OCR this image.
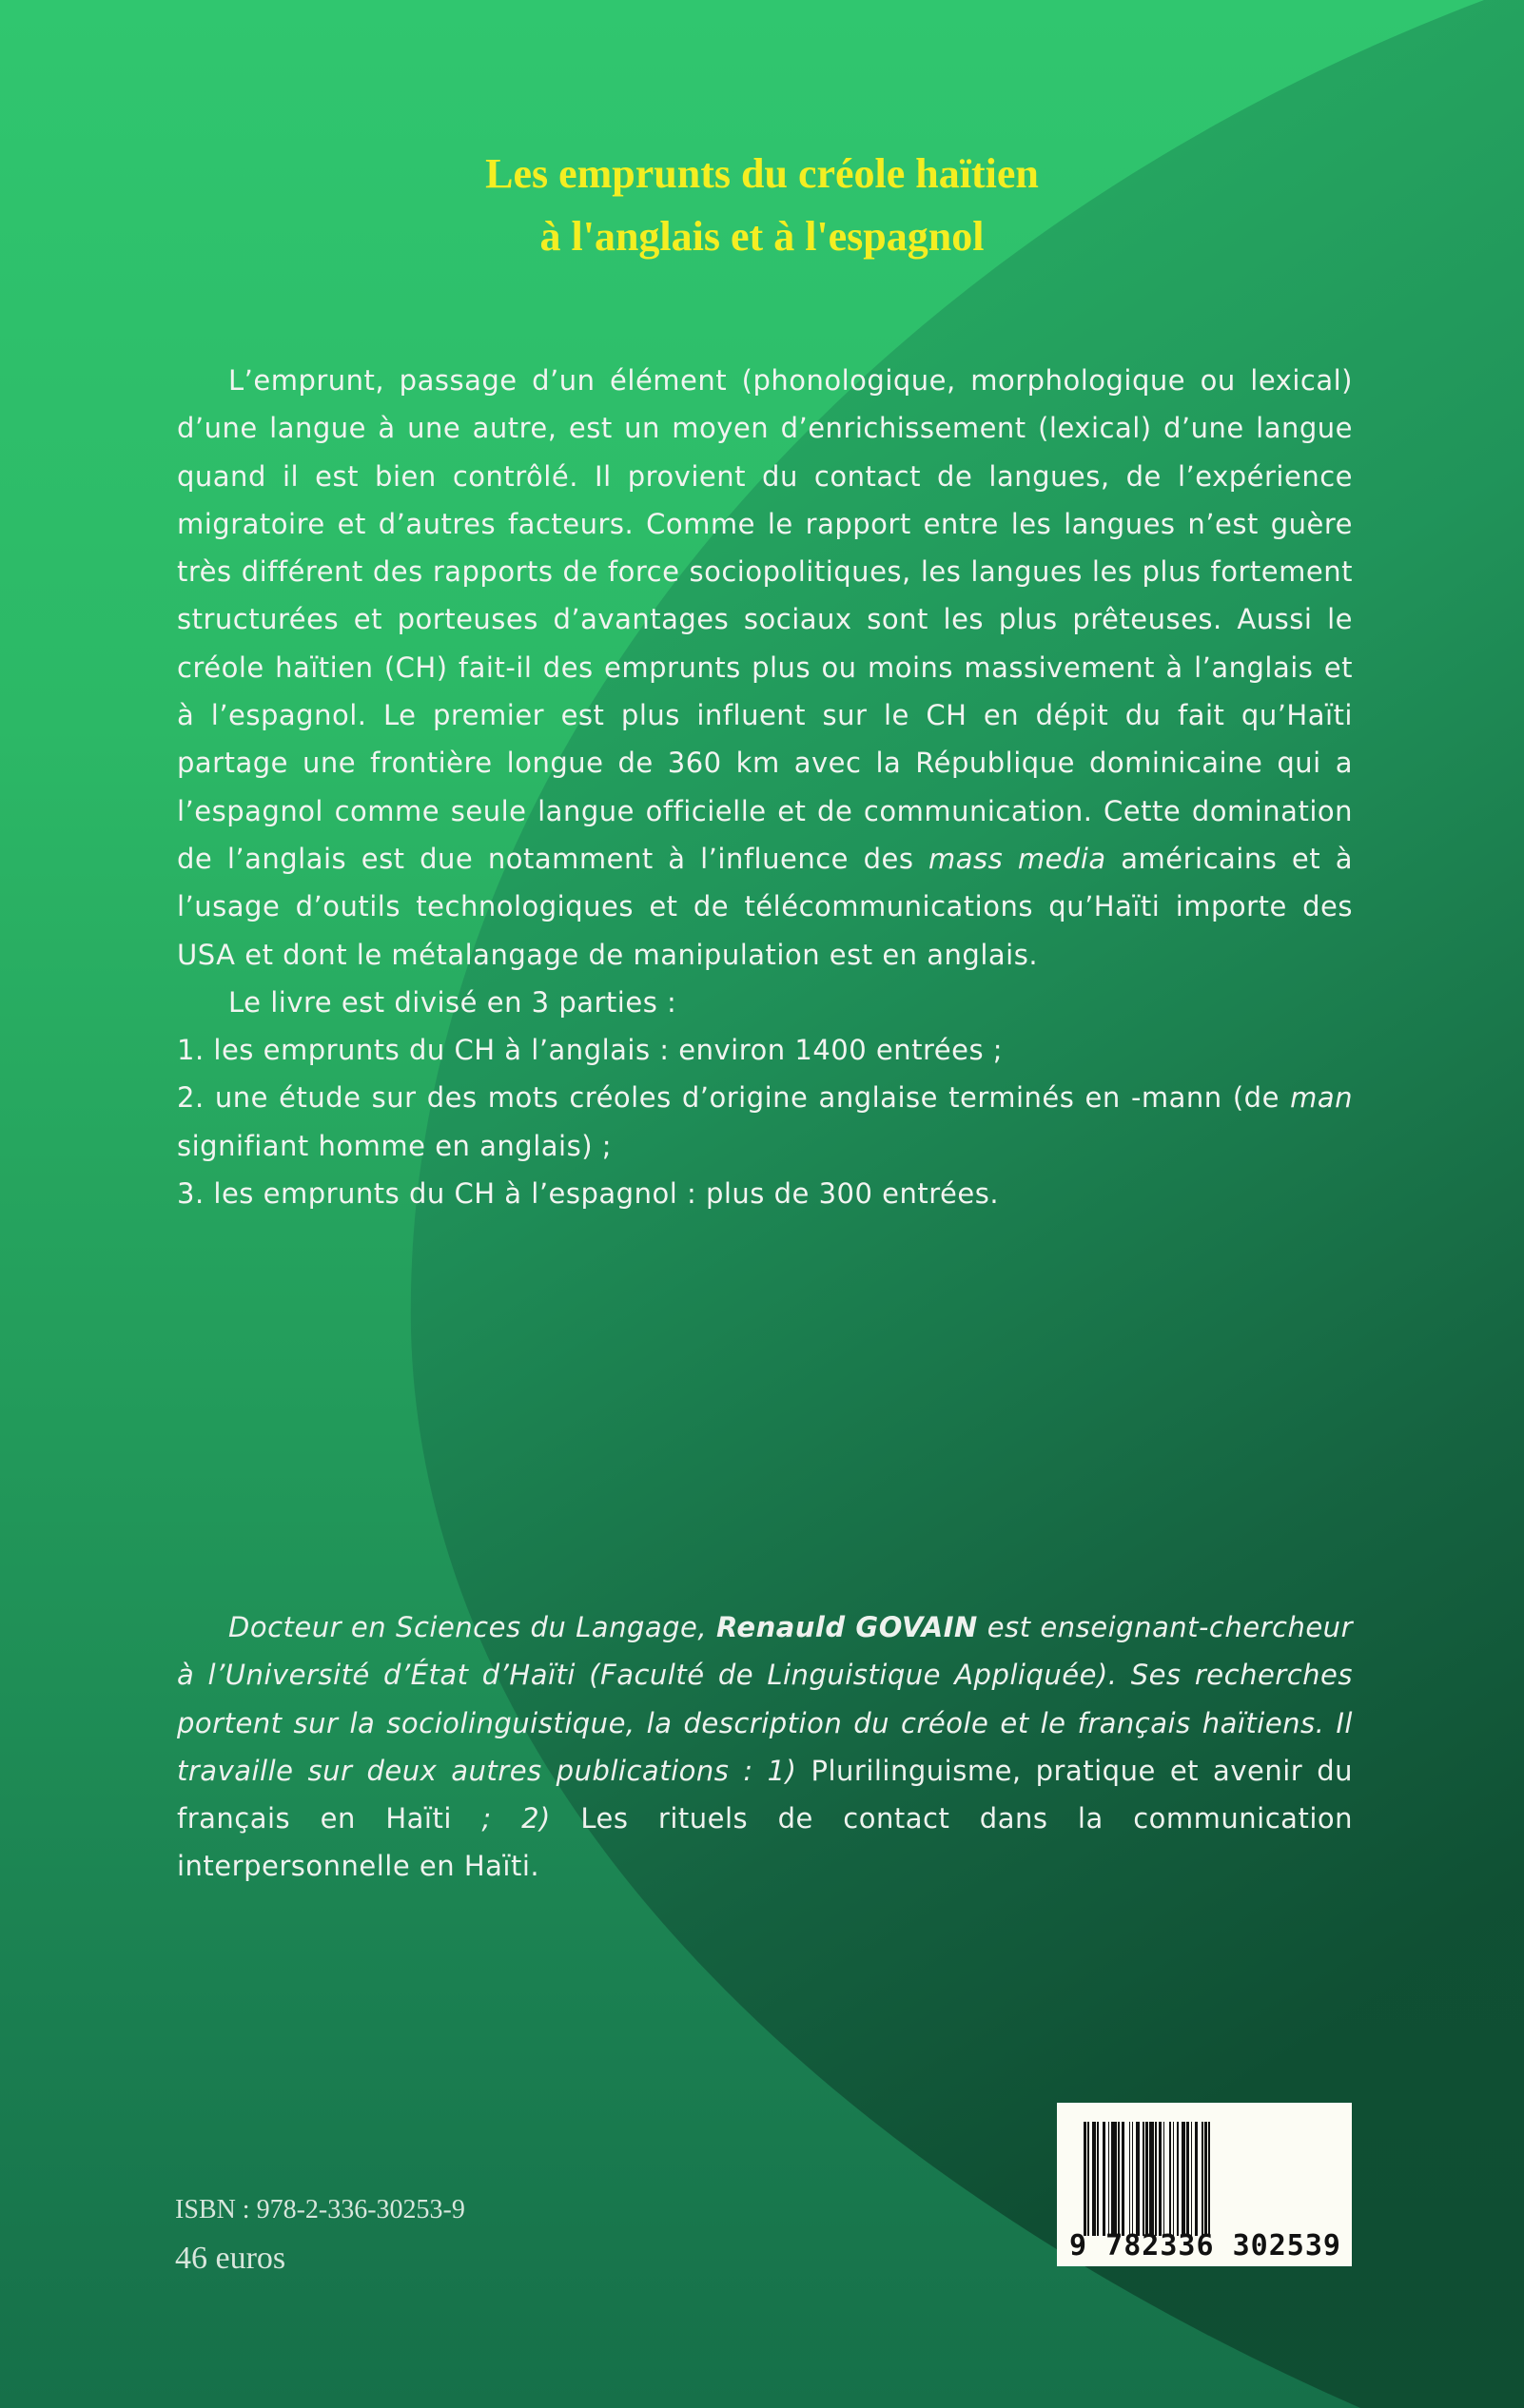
Les emprunts du créole haïtien
à l'anglais et à l'espagnol

L’emprunt, passage d’un élément (phonologique, morphologique ou lexical) d’une langue à une autre, est un moyen d’enrichissement (lexical) d’une langue quand il est bien contrôlé. Il provient du contact de langues, de l’expérience migratoire et d’autres facteurs. Comme le rapport entre les langues n’est guère très différent des rapports de force sociopolitiques, les langues les plus fortement structurées et porteuses d’avantages sociaux sont les plus prêteuses. Aussi le créole haïtien (CH) fait-il des emprunts plus ou moins massivement à l’anglais et à l’espagnol. Le premier est plus influent sur le CH en dépit du fait qu’Haïti partage une frontière longue de 360 km avec la République dominicaine qui a l’espagnol comme seule langue officielle et de communication. Cette domination de l’anglais est due notamment à l’influence des mass media américains et à l’usage d’outils technologiques et de télécommunications qu’Haïti importe des USA et dont le métalangage de manipulation est en anglais.

Le livre est divisé en 3 parties :

1. les emprunts du CH à l’anglais : environ 1400 entrées ;

2. une étude sur des mots créoles d’origine anglaise terminés en -mann (de man signifiant homme en anglais) ;

3. les emprunts du CH à l’espagnol : plus de 300 entrées.

Docteur en Sciences du Langage, Renauld GOVAIN est enseignant-chercheur à l’Université d’État d’Haïti (Faculté de Linguistique Appliquée). Ses recherches portent sur la sociolinguistique, la description du créole et le français haïtiens. Il travaille sur deux autres publications : 1) Plurilinguisme, pratique et avenir du français en Haïti ; 2) Les rituels de contact dans la communication interpersonnelle en Haïti.

ISBN : 978-2-336-30253-9
46 euros	9 782336 302539
